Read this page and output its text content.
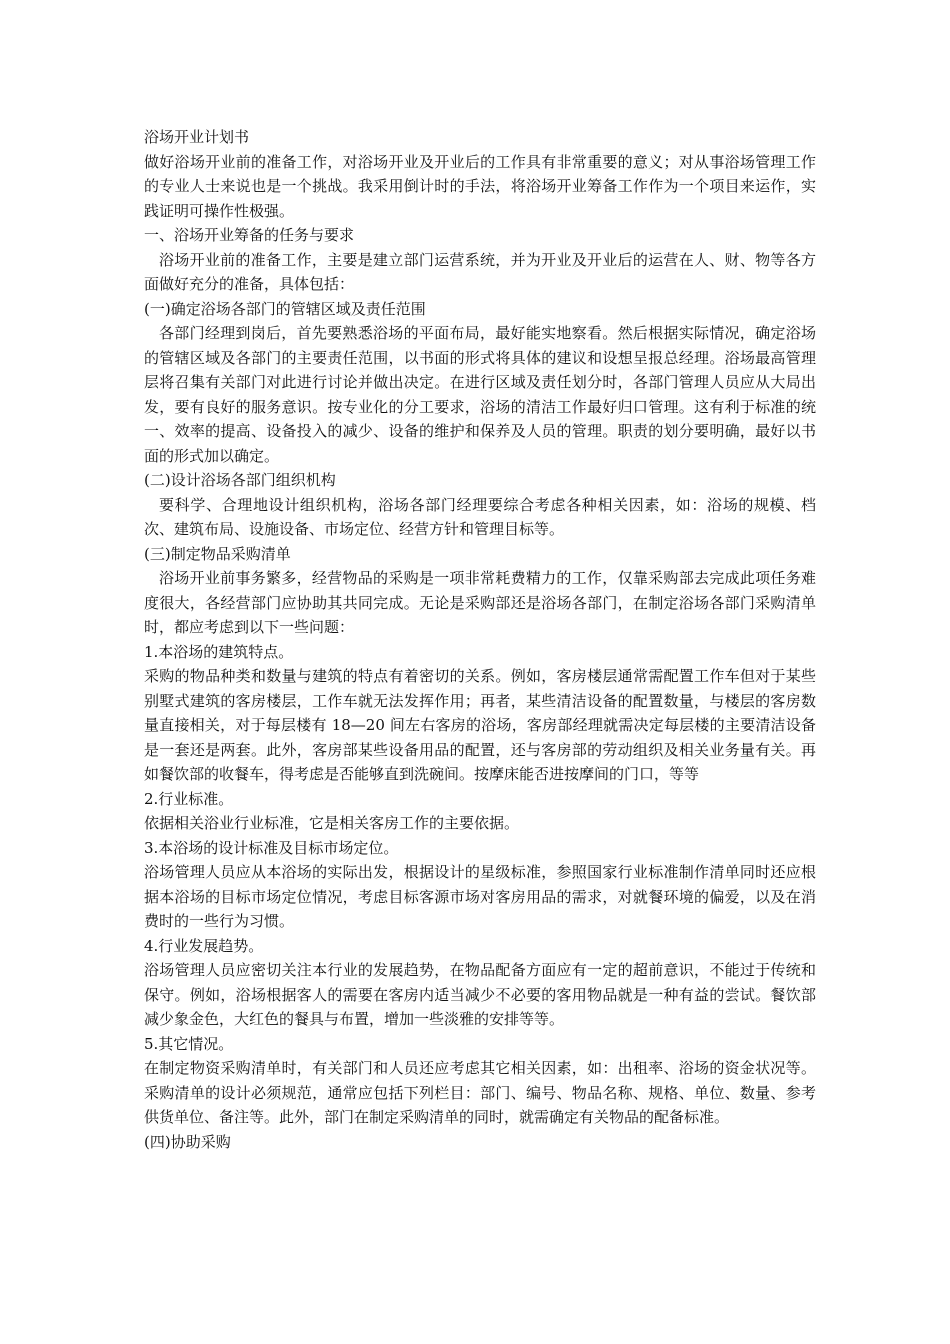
浴场开业计划书

做好浴场开业前的准备工作，对浴场开业及开业后的工作具有非常重要的意义；对从事浴场管理工作的专业人士来说也是一个挑战。我采用倒计时的手法，将浴场开业筹备工作作为一个项目来运作，实践证明可操作性极强。

一、浴场开业筹备的任务与要求

浴场开业前的准备工作，主要是建立部门运营系统，并为开业及开业后的运营在人、财、物等各方面做好充分的准备，具体包括：

(一)确定浴场各部门的管辖区域及责任范围

各部门经理到岗后，首先要熟悉浴场的平面布局，最好能实地察看。然后根据实际情况，确定浴场的管辖区域及各部门的主要责任范围，以书面的形式将具体的建议和设想呈报总经理。浴场最高管理层将召集有关部门对此进行讨论并做出决定。在进行区域及责任划分时，各部门管理人员应从大局出发，要有良好的服务意识。按专业化的分工要求，浴场的清洁工作最好归口管理。这有利于标准的统一、效率的提高、设备投入的减少、设备的维护和保养及人员的管理。职责的划分要明确，最好以书面的形式加以确定。

(二)设计浴场各部门组织机构

要科学、合理地设计组织机构，浴场各部门经理要综合考虑各种相关因素，如：浴场的规模、档次、建筑布局、设施设备、市场定位、经营方针和管理目标等。

(三)制定物品采购清单

浴场开业前事务繁多，经营物品的采购是一项非常耗费精力的工作，仅靠采购部去完成此项任务难度很大，各经营部门应协助其共同完成。无论是采购部还是浴场各部门，在制定浴场各部门采购清单时，都应考虑到以下一些问题：

1.本浴场的建筑特点。

采购的物品种类和数量与建筑的特点有着密切的关系。例如，客房楼层通常需配置工作车但对于某些别墅式建筑的客房楼层，工作车就无法发挥作用；再者，某些清洁设备的配置数量，与楼层的客房数量直接相关，对于每层楼有 18—20 间左右客房的浴场，客房部经理就需决定每层楼的主要清洁设备是一套还是两套。此外，客房部某些设备用品的配置，还与客房部的劳动组织及相关业务量有关。再如餐饮部的收餐车，得考虑是否能够直到洗碗间。按摩床能否进按摩间的门口，等等

2.行业标准。

依据相关浴业行业标准，它是相关客房工作的主要依据。

3.本浴场的设计标准及目标市场定位。

浴场管理人员应从本浴场的实际出发，根据设计的星级标准，参照国家行业标准制作清单同时还应根据本浴场的目标市场定位情况，考虑目标客源市场对客房用品的需求，对就餐环境的偏爱，以及在消费时的一些行为习惯。

4.行业发展趋势。

浴场管理人员应密切关注本行业的发展趋势，在物品配备方面应有一定的超前意识，不能过于传统和保守。例如，浴场根据客人的需要在客房内适当减少不必要的客用物品就是一种有益的尝试。餐饮部减少象金色，大红色的餐具与布置，增加一些淡雅的安排等等。

5.其它情况。

在制定物资采购清单时，有关部门和人员还应考虑其它相关因素，如：出租率、浴场的资金状况等。采购清单的设计必须规范，通常应包括下列栏目：部门、编号、物品名称、规格、单位、数量、参考供货单位、备注等。此外，部门在制定采购清单的同时，就需确定有关物品的配备标准。

(四)协助采购
